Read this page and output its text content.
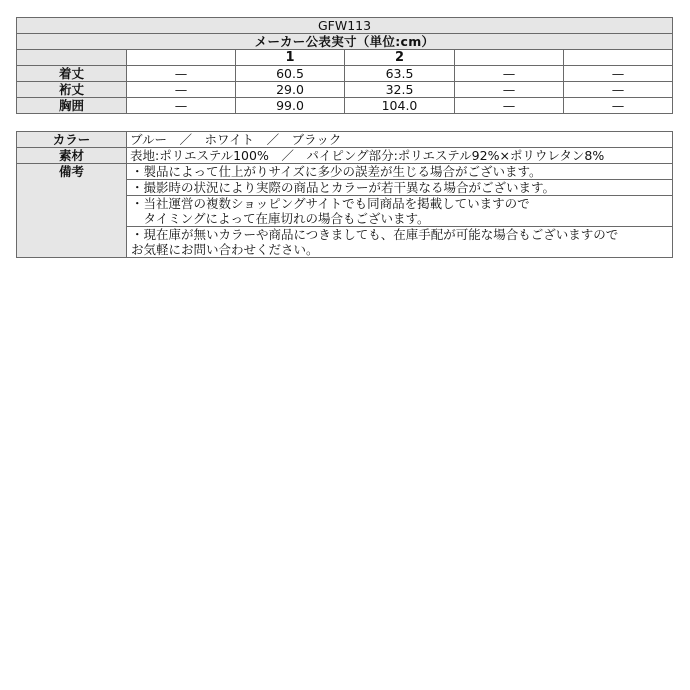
GFW113					
メーカー公表実寸（単位:cm）					
		1	2		
着丈	—	60.5	63.5	—	—
裄丈	—	29.0	32.5	—	—
胸囲	—	99.0	104.0	—	—
カラー	ブルー　／　ホワイト　／　ブラック
素材	表地:ポリエステル100%　／　パイピング部分:ポリエステル92%×ポリウレタン8%
備考	・製品によって仕上がりサイズに多少の誤差が生じる場合がございます。

	・撮影時の状況により実際の商品とカラーが若干異なる場合がございます。

	・当社運営の複数ショッピングサイトでも同商品を掲載していますので
　タイミングによって在庫切れの場合もございます。

	・現在庫が無いカラーや商品につきましても、在庫手配が可能な場合もございますので
お気軽にお問い合わせください。
